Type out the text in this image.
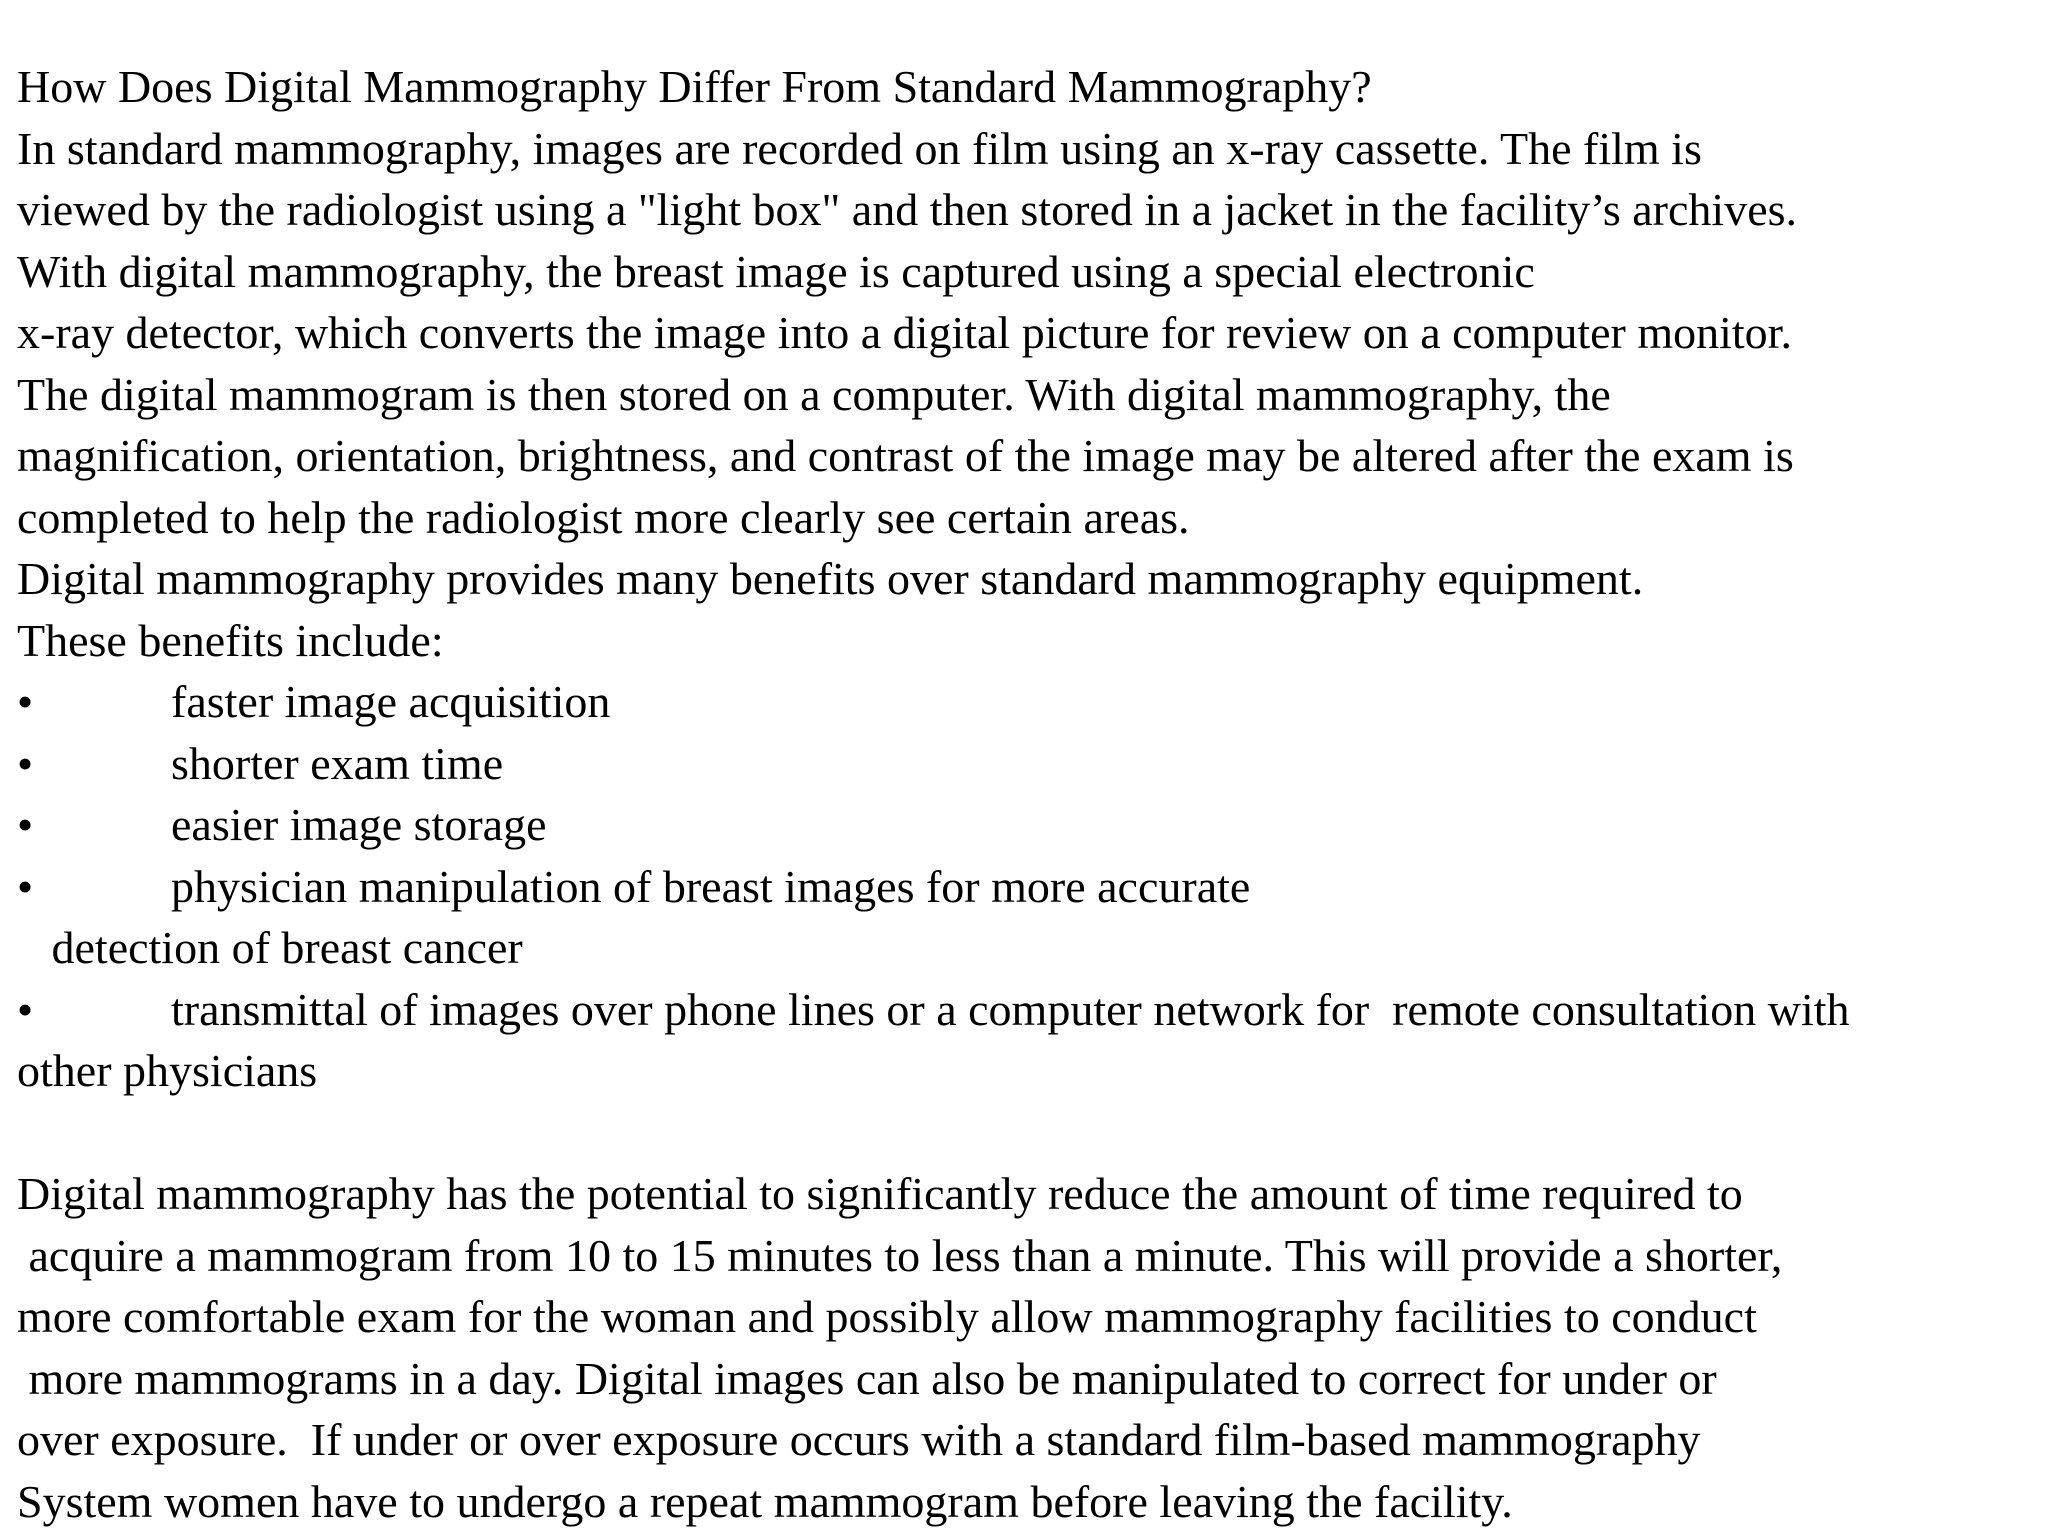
How Does Digital Mammography Differ From Standard Mammography?
In standard mammography, images are recorded on film using an x-ray cassette. The film is
viewed by the radiologist using a "light box" and then stored in a jacket in the facility’s archives.
With digital mammography, the breast image is captured using a special electronic
x-ray detector, which converts the image into a digital picture for review on a computer monitor.
The digital mammogram is then stored on a computer. With digital mammography, the
magnification, orientation, brightness, and contrast of the image may be altered after the exam is
completed to help the radiologist more clearly see certain areas.
Digital mammography provides many benefits over standard mammography equipment.
These benefits include:

•

	faster image acquisition

•

	shorter exam time

•

	easier image storage

•

	physician manipulation of breast images for more accurate

detection of breast cancer

•

	transmittal of images over phone lines or a computer network for  remote consultation with

other physicians
Digital mammography has the potential to significantly reduce the amount of time required to
acquire a mammogram from 10 to 15 minutes to less than a minute. This will provide a shorter,
more comfortable exam for the woman and possibly allow mammography facilities to conduct
more mammograms in a day. Digital images can also be manipulated to correct for under or
over exposure.  If under or over exposure occurs with a standard film-based mammography
System women have to undergo a repeat mammogram before leaving the facility.
